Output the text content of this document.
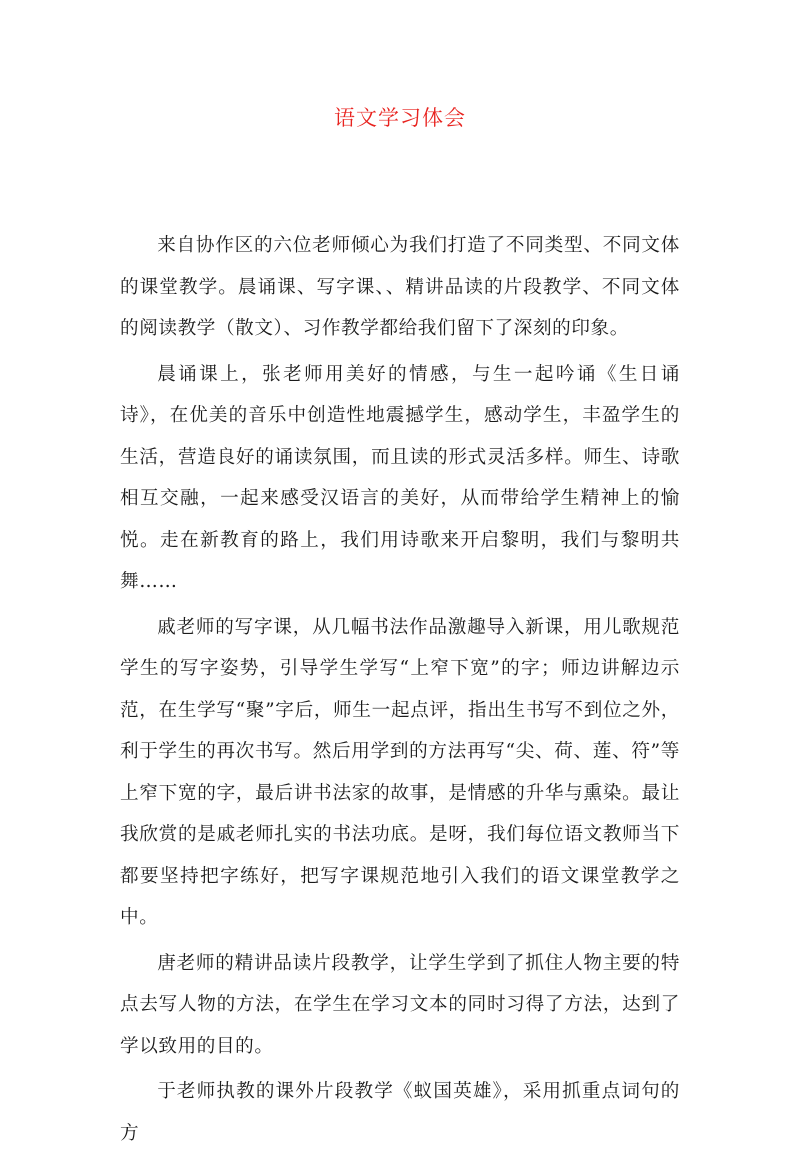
语文学习体会

来自协作区的六位老师倾心为我们打造了不同类型、不同文体的课堂教学。晨诵课、写字课、、精讲品读的片段教学、不同文体的阅读教学（散文）、习作教学都给我们留下了深刻的印象。

晨诵课上，张老师用美好的情感，与生一起吟诵《生日诵诗》，在优美的音乐中创造性地震撼学生，感动学生，丰盈学生的生活，营造良好的诵读氛围，而且读的形式灵活多样。师生、诗歌相互交融，一起来感受汉语言的美好，从而带给学生精神上的愉悦。走在新教育的路上，我们用诗歌来开启黎明，我们与黎明共舞……

戚老师的写字课，从几幅书法作品激趣导入新课，用儿歌规范学生的写字姿势，引导学生学写“上窄下宽”的字；师边讲解边示范，在生学写“聚”字后，师生一起点评，指出生书写不到位之外，利于学生的再次书写。然后用学到的方法再写“尖、荷、莲、符”等上窄下宽的字，最后讲书法家的故事，是情感的升华与熏染。最让我欣赏的是戚老师扎实的书法功底。是呀，我们每位语文教师当下都要坚持把字练好，把写字课规范地引入我们的语文课堂教学之中。

唐老师的精讲品读片段教学，让学生学到了抓住人物主要的特点去写人物的方法，在学生在学习文本的同时习得了方法，达到了学以致用的目的。

于老师执教的课外片段教学《蚁国英雄》，采用抓重点词句的方
